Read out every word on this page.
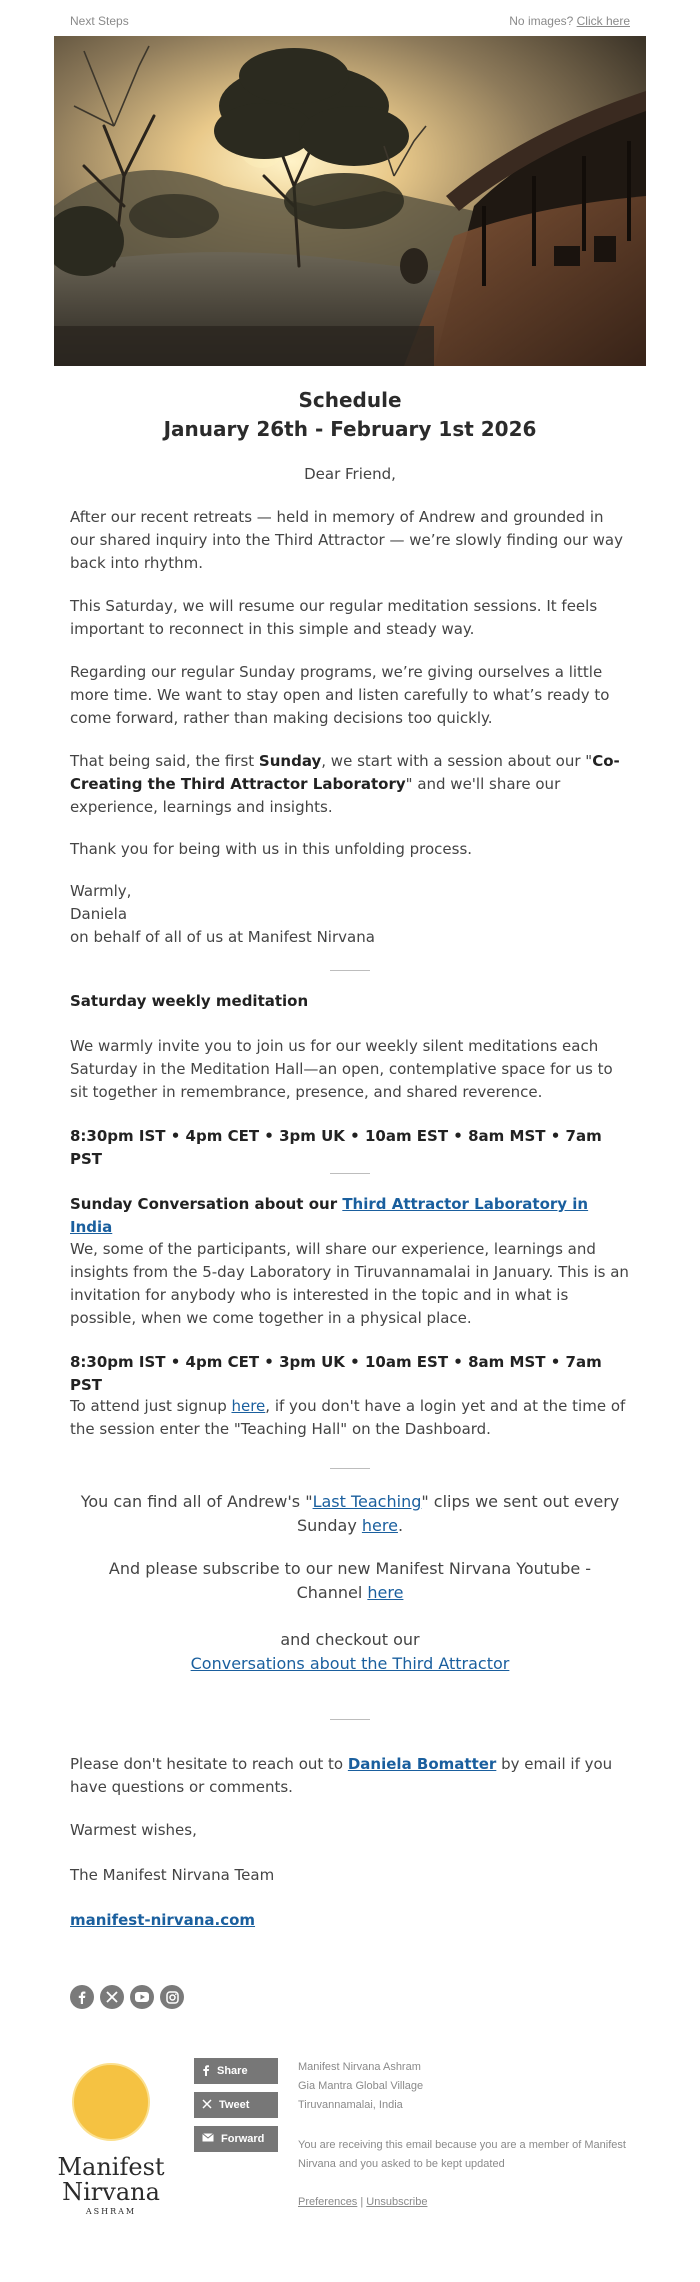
Next Steps	No images? Click here
Schedule
January 26th - February 1st 2026

Dear Friend,

After our recent retreats — held in memory of Andrew and grounded in our shared inquiry into the Third Attractor — we’re slowly finding our way back into rhythm.

This Saturday, we will resume our regular meditation sessions. It feels important to reconnect in this simple and steady way.

Regarding our regular Sunday programs, we’re giving ourselves a little more time. We want to stay open and listen carefully to what’s ready to come forward, rather than making decisions too quickly.

That being said, the first Sunday, we start with a session about our "Co-Creating the Third Attractor Laboratory" and we'll share our experience, learnings and insights.

Thank you for being with us in this unfolding process.

Warmly,

Daniela

on behalf of all of us at Manifest Nirvana

Saturday weekly meditation

We warmly invite you to join us for our weekly silent meditations each Saturday in the Meditation Hall—an open, contemplative space for us to sit together in remembrance, presence, and shared reverence.

8:30pm IST • 4pm CET • 3pm UK • 10am EST • 8am MST • 7am PST

Sunday Conversation about our Third Attractor Laboratory in India

We, some of the participants, will share our experience, learnings and insights from the 5-day Laboratory in Tiruvannamalai in January. This is an invitation for anybody who is interested in the topic and in what is possible, when we come together in a physical place.

8:30pm IST • 4pm CET • 3pm UK • 10am EST • 8am MST • 7am PST

To attend just signup here, if you don't have a login yet and at the time of the session enter the "Teaching Hall" on the Dashboard.

You can find all of Andrew's "Last Teaching" clips we sent out every Sunday here.

And please subscribe to our new Manifest Nirvana Youtube - Channel here

and checkout our

Conversations about the Third Attractor

Please don't hesitate to reach out to Daniela Bomatter by email if you have questions or comments.

Warmest wishes,

The Manifest Nirvana Team

manifest-nirvana.com

Manifest
Nirvana
ASHRAM
Share
Tweet
Forward
Manifest Nirvana Ashram
Gia Mantra Global Village
Tiruvannamalai, India
You are receiving this email because you are a member of Manifest Nirvana and you asked to be kept updated
Preferences | Unsubscribe
